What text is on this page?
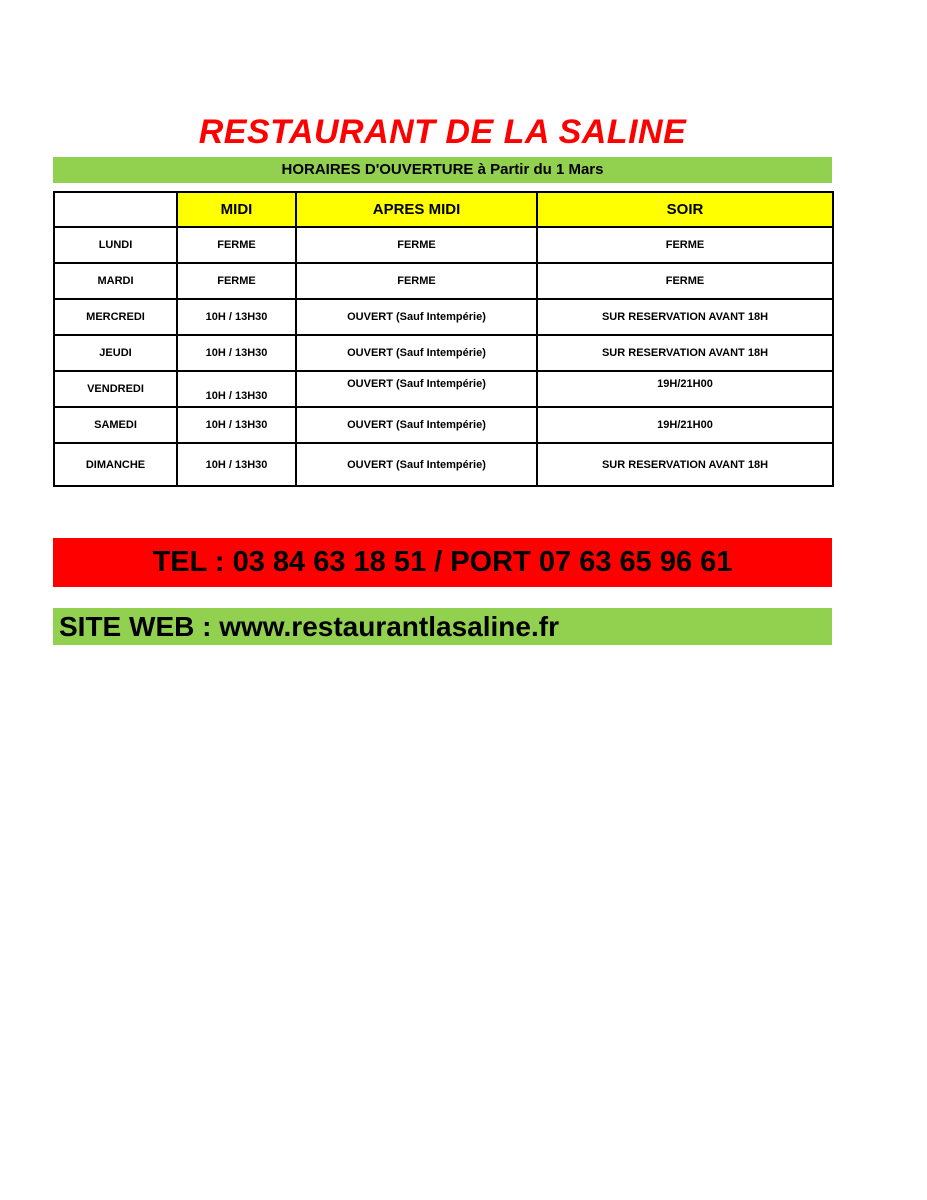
RESTAURANT DE LA SALINE
HORAIRES D'OUVERTURE à Partir du 1 Mars
	MIDI	APRES MIDI	SOIR
LUNDI	FERME	FERME	FERME
MARDI	FERME	FERME	FERME
MERCREDI	10H / 13H30	OUVERT (Sauf Intempérie)	SUR RESERVATION AVANT 18H
JEUDI	10H / 13H30	OUVERT (Sauf Intempérie)	SUR RESERVATION AVANT 18H
VENDREDI	10H / 13H30	OUVERT (Sauf Intempérie)	19H/21H00
SAMEDI	10H / 13H30	OUVERT (Sauf Intempérie)	19H/21H00
DIMANCHE	10H / 13H30	OUVERT (Sauf Intempérie)	SUR RESERVATION AVANT 18H
TEL : 03 84 63 18 51 / PORT 07 63 65 96 61
SITE WEB : www.restaurantlasaline.fr
